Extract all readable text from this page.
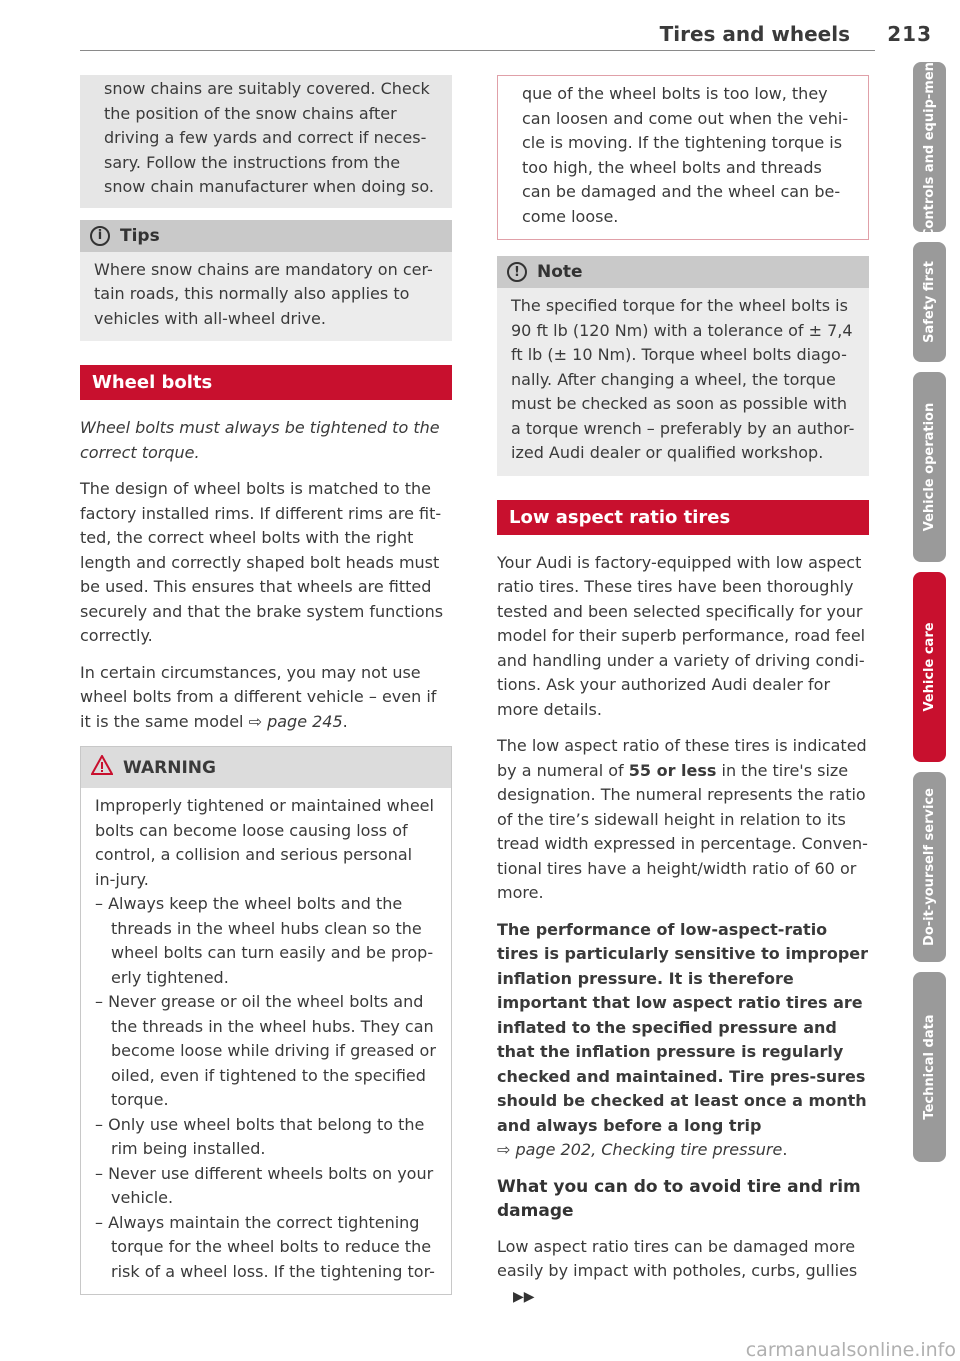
Tires and wheels 213

snow chains are suitably covered. Check the position of the snow chains after driving a few yards and correct if neces-sary. Follow the instructions from the snow chain manufacturer when doing so.

i	Tips
Where snow chains are mandatory on cer-tain roads, this normally also applies to vehicles with all-wheel drive.
Wheel bolts

Wheel bolts must always be tightened to the correct torque.

The design of wheel bolts is matched to the factory installed rims. If different rims are fit-ted, the correct wheel bolts with the right length and correctly shaped bolt heads must be used. This ensures that wheels are fitted securely and that the brake system functions correctly.

In certain circumstances, you may not use wheel bolts from a different vehicle – even if it is the same model ⇨ page 245.

WARNING
Improperly tightened or maintained wheel bolts can become loose causing loss of control, a collision and serious personal in-jury.
– Always keep the wheel bolts and the threads in the wheel hubs clean so the wheel bolts can turn easily and be prop-erly tightened.
– Never grease or oil the wheel bolts and the threads in the wheel hubs. They can become loose while driving if greased or oiled, even if tightened to the specified torque.
– Only use wheel bolts that belong to the rim being installed.
– Never use different wheels bolts on your vehicle.
– Always maintain the correct tightening torque for the wheel bolts to reduce the risk of a wheel loss. If the tightening tor-
que of the wheel bolts is too low, they can loosen and come out when the vehi-cle is moving. If the tightening torque is too high, the wheel bolts and threads can be damaged and the wheel can be-come loose.
!	Note
The specified torque for the wheel bolts is 90 ft lb (120 Nm) with a tolerance of ± 7,4 ft lb (± 10 Nm). Torque wheel bolts diago-nally. After changing a wheel, the torque must be checked as soon as possible with a torque wrench – preferably by an author-ized Audi dealer or qualified workshop.
Low aspect ratio tires

Your Audi is factory-equipped with low aspect ratio tires. These tires have been thoroughly tested and been selected specifically for your model for their superb performance, road feel and handling under a variety of driving condi-tions. Ask your authorized Audi dealer for more details.

The low aspect ratio of these tires is indicated by a numeral of 55 or less in the tire's size designation. The numeral represents the ratio of the tire’s sidewall height in relation to its tread width expressed in percentage. Conven-tional tires have a height/width ratio of 60 or more.

The performance of low-aspect-ratio tires is particularly sensitive to improper inflation pressure. It is therefore important that low aspect ratio tires are inflated to the specified pressure and that the inflation pressure is regularly checked and maintained. Tire pres-sures should be checked at least once a month and always before a long trip
⇨ page 202, Checking tire pressure.

What you can do to avoid tire and rim damage

Low aspect ratio tires can be damaged more easily by impact with potholes, curbs, gullies▶▶

Controls and equip-ment
Safety first
Vehicle operation
Vehicle care
Do-it-yourself service
Technical data
carmanualsonline.info
